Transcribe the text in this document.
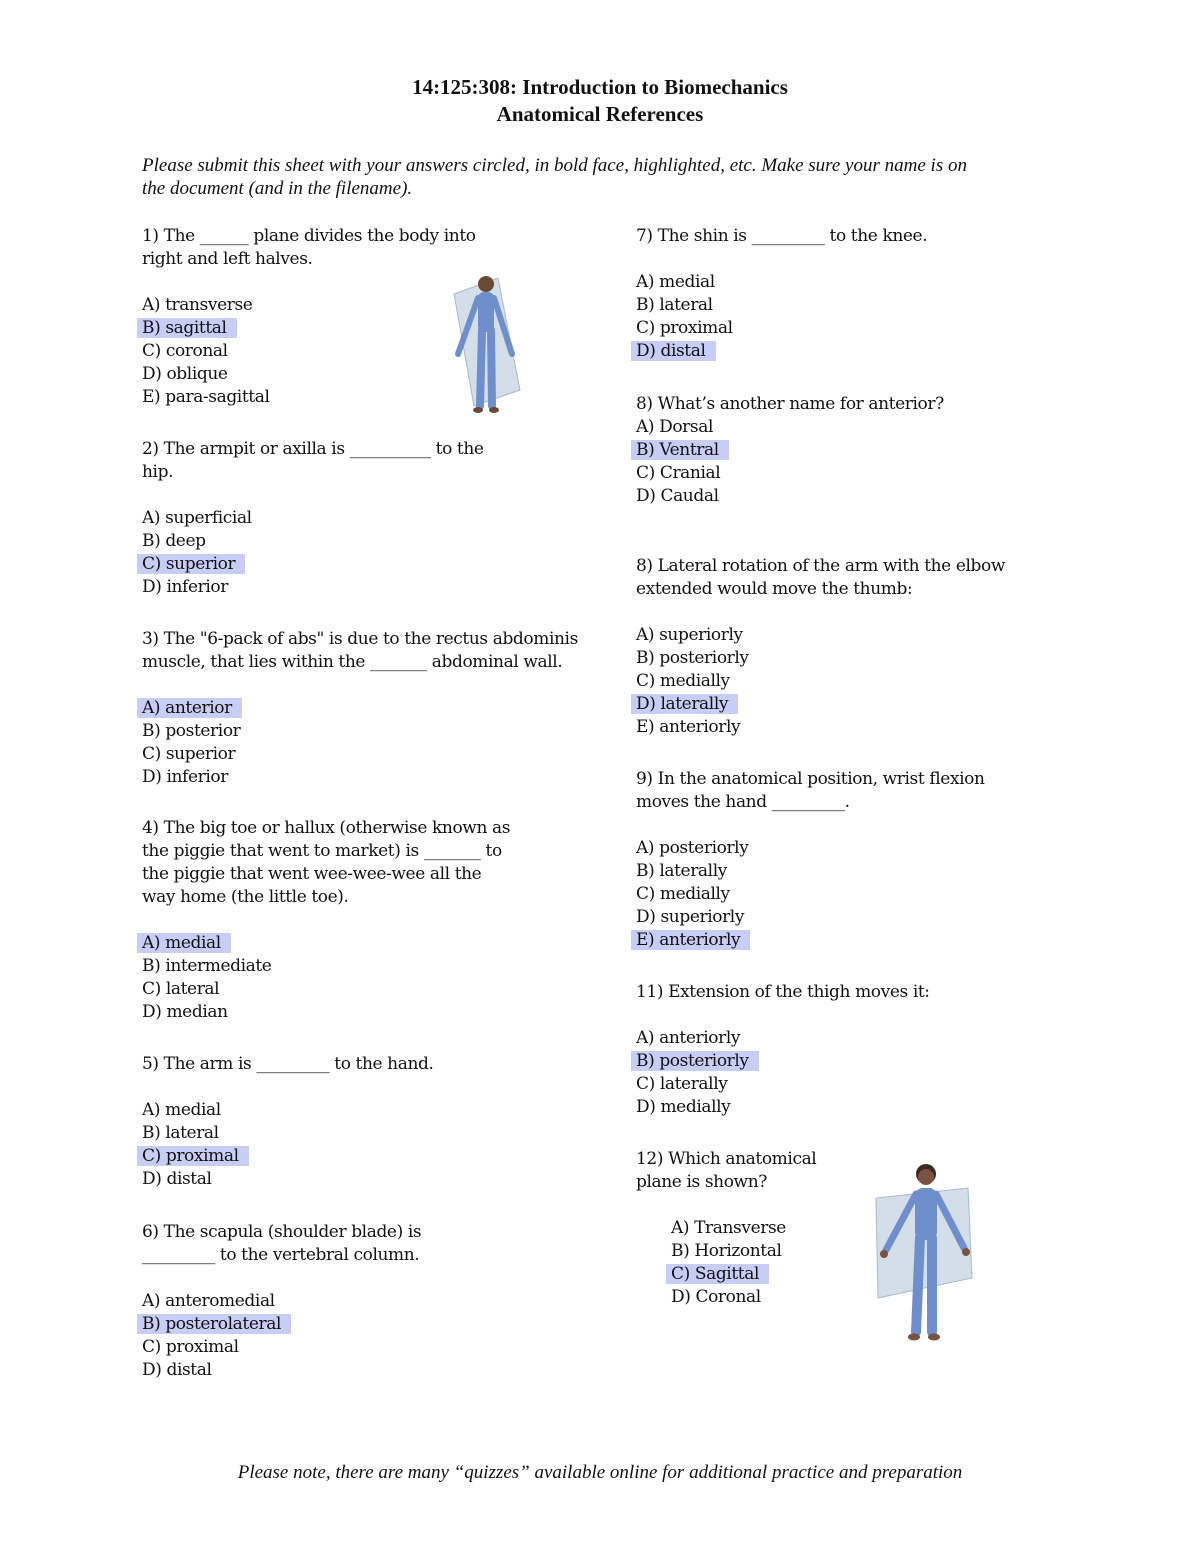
14:125:308: Introduction to Biomechanics
Anatomical References
Please submit this sheet with your answers circled, in bold face, highlighted, etc. Make sure your name is on
the document (and in the filename).

1) The ______ plane divides the body into

right and left halves.

A) transverse

B) sagittal

C) coronal

D) oblique

E) para-sagittal

2) The armpit or axilla is __________ to the

hip.

A) superficial

B) deep

C) superior

D) inferior

3) The "6-pack of abs" is due to the rectus abdominis

muscle, that lies within the _______ abdominal wall.

A) anterior

B) posterior

C) superior

D) inferior

4) The big toe or hallux (otherwise known as

the piggie that went to market) is _______ to

the piggie that went wee-wee-wee all the

way home (the little toe).

A) medial

B) intermediate

C) lateral

D) median

5) The arm is _________ to the hand.

A) medial

B) lateral

C) proximal

D) distal

6) The scapula (shoulder blade) is

_________ to the vertebral column.

A) anteromedial

B) posterolateral

C) proximal

D) distal

7) The shin is _________ to the knee.

A) medial

B) lateral

C) proximal

D) distal

8) What’s another name for anterior?

A) Dorsal

B) Ventral

C) Cranial

D) Caudal

8) Lateral rotation of the arm with the elbow

extended would move the thumb:

A) superiorly

B) posteriorly

C) medially

D) laterally

E) anteriorly

9) In the anatomical position, wrist flexion

moves the hand _________.

A) posteriorly

B) laterally

C) medially

D) superiorly

E) anteriorly

11) Extension of the thigh moves it:

A) anteriorly

B) posteriorly

C) laterally

D) medially

12) Which anatomical

plane is shown?

A) Transverse

B) Horizontal

C) Sagittal

D) Coronal

Please note, there are many “quizzes” available online for additional practice and preparation
